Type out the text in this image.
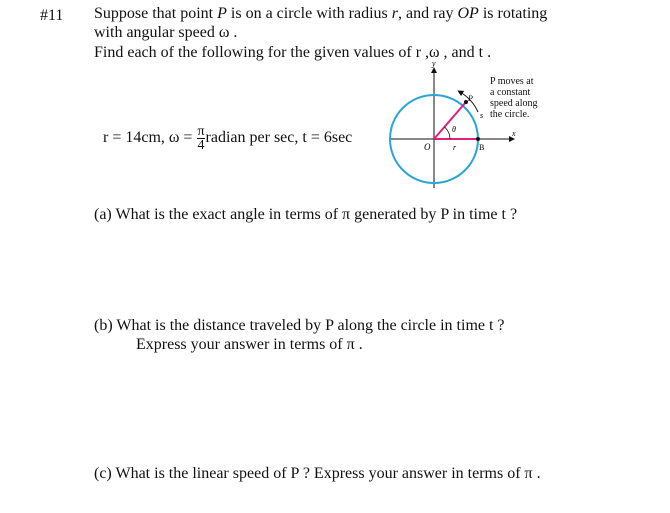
#11 Suppose that point P is on a circle with radius r, and ray OP is rotating
with angular speed ω .
Find each of the following for the given values of r ,ω , and t .
r = 14cm, $\omega = \frac{\pi}{4}$ radian per sec, t = 6sec
y
x
O	r	B
P
s
θ
P moves at
a constant
speed along
the circle.
(a) What is the exact angle in terms of π generated by P in time t ?
(b) What is the distance traveled by P along the circle in time t ?
Express your answer in terms of π .
(c) What is the linear speed of P ? Express your answer in terms of π .
